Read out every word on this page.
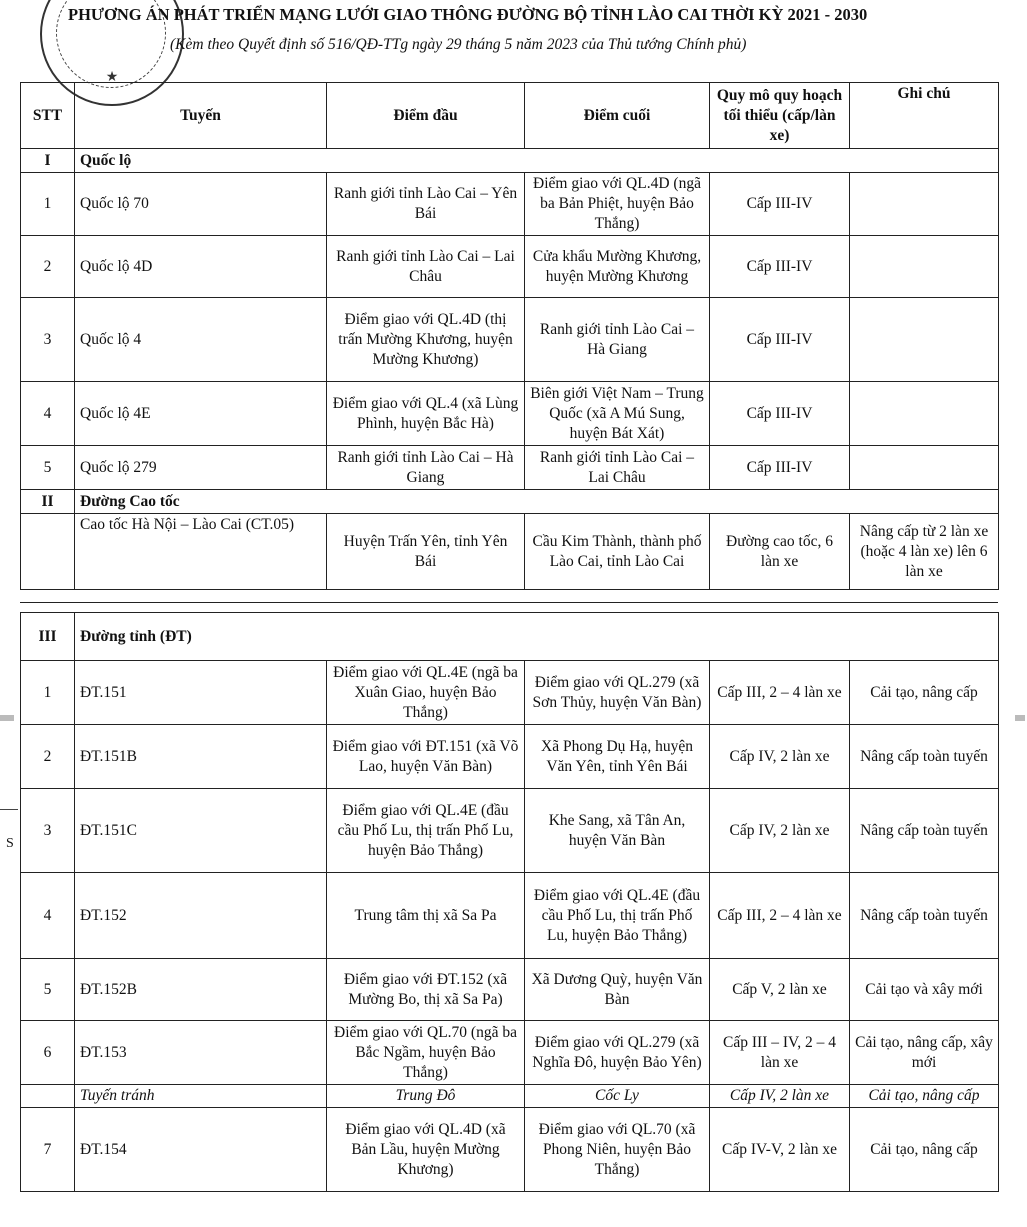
★
PHƯƠNG ÁN PHÁT TRIỂN MẠNG LƯỚI GIAO THÔNG ĐƯỜNG BỘ TỈNH LÀO CAI THỜI KỲ 2021 - 2030
(Kèm theo Quyết định số 516/QĐ-TTg ngày 29 tháng 5 năm 2023 của Thủ tướng Chính phủ)
S
STT	Tuyến	Điểm đầu	Điểm cuối	Quy mô quy hoạch tối thiểu (cấp/làn xe)	Ghi chú
I	Quốc lộ				
1	Quốc lộ 70	Ranh giới tỉnh Lào Cai – Yên Bái	Điểm giao với QL.4D (ngã ba Bản Phiệt, huyện Bảo Thắng)	Cấp III-IV	
2	Quốc lộ 4D	Ranh giới tỉnh Lào Cai – Lai Châu	Cửa khẩu Mường Khương, huyện Mường Khương	Cấp III-IV	
3	Quốc lộ 4	Điểm giao với QL.4D (thị trấn Mường Khương, huyện Mường Khương)	Ranh giới tỉnh Lào Cai – Hà Giang	Cấp III-IV	
4	Quốc lộ 4E	Điểm giao với QL.4 (xã Lùng Phình, huyện Bắc Hà)	Biên giới Việt Nam – Trung Quốc (xã A Mú Sung, huyện Bát Xát)	Cấp III-IV	
5	Quốc lộ 279	Ranh giới tỉnh Lào Cai – Hà Giang	Ranh giới tỉnh Lào Cai – Lai Châu	Cấp III-IV	
II	Đường Cao tốc				
	Cao tốc Hà Nội – Lào Cai (CT.05)	Huyện Trấn Yên, tỉnh Yên Bái	Cầu Kim Thành, thành phố Lào Cai, tỉnh Lào Cai	Đường cao tốc, 6 làn xe	Nâng cấp từ 2 làn xe (hoặc 4 làn xe) lên 6 làn xe
III	Đường tỉnh (ĐT)				
1	ĐT.151	Điểm giao với QL.4E (ngã ba Xuân Giao, huyện Bảo Thắng)	Điểm giao với QL.279 (xã Sơn Thủy, huyện Văn Bàn)	Cấp III, 2 – 4 làn xe	Cải tạo, nâng cấp
2	ĐT.151B	Điểm giao với ĐT.151 (xã Võ Lao, huyện Văn Bàn)	Xã Phong Dụ Hạ, huyện Văn Yên, tỉnh Yên Bái	Cấp IV, 2 làn xe	Nâng cấp toàn tuyến
3	ĐT.151C	Điểm giao với QL.4E (đầu cầu Phố Lu, thị trấn Phố Lu, huyện Bảo Thắng)	Khe Sang, xã Tân An, huyện Văn Bàn	Cấp IV, 2 làn xe	Nâng cấp toàn tuyến
4	ĐT.152	Trung tâm thị xã Sa Pa	Điểm giao với QL.4E (đầu cầu Phố Lu, thị trấn Phố Lu, huyện Bảo Thắng)	Cấp III, 2 – 4 làn xe	Nâng cấp toàn tuyến
5	ĐT.152B	Điểm giao với ĐT.152 (xã Mường Bo, thị xã Sa Pa)	Xã Dương Quỳ, huyện Văn Bàn	Cấp V, 2 làn xe	Cải tạo và xây mới
6	ĐT.153	Điểm giao với QL.70 (ngã ba Bắc Ngầm, huyện Bảo Thắng)	Điểm giao với QL.279 (xã Nghĩa Đô, huyện Bảo Yên)	Cấp III – IV, 2 – 4 làn xe	Cải tạo, nâng cấp, xây mới
	Tuyến tránh	Trung Đô	Cốc Ly	Cấp IV, 2 làn xe	Cải tạo, nâng cấp
7	ĐT.154	Điểm giao với QL.4D (xã Bản Lầu, huyện Mường Khương)	Điểm giao với QL.70 (xã Phong Niên, huyện Bảo Thắng)	Cấp IV-V, 2 làn xe	Cải tạo, nâng cấp
